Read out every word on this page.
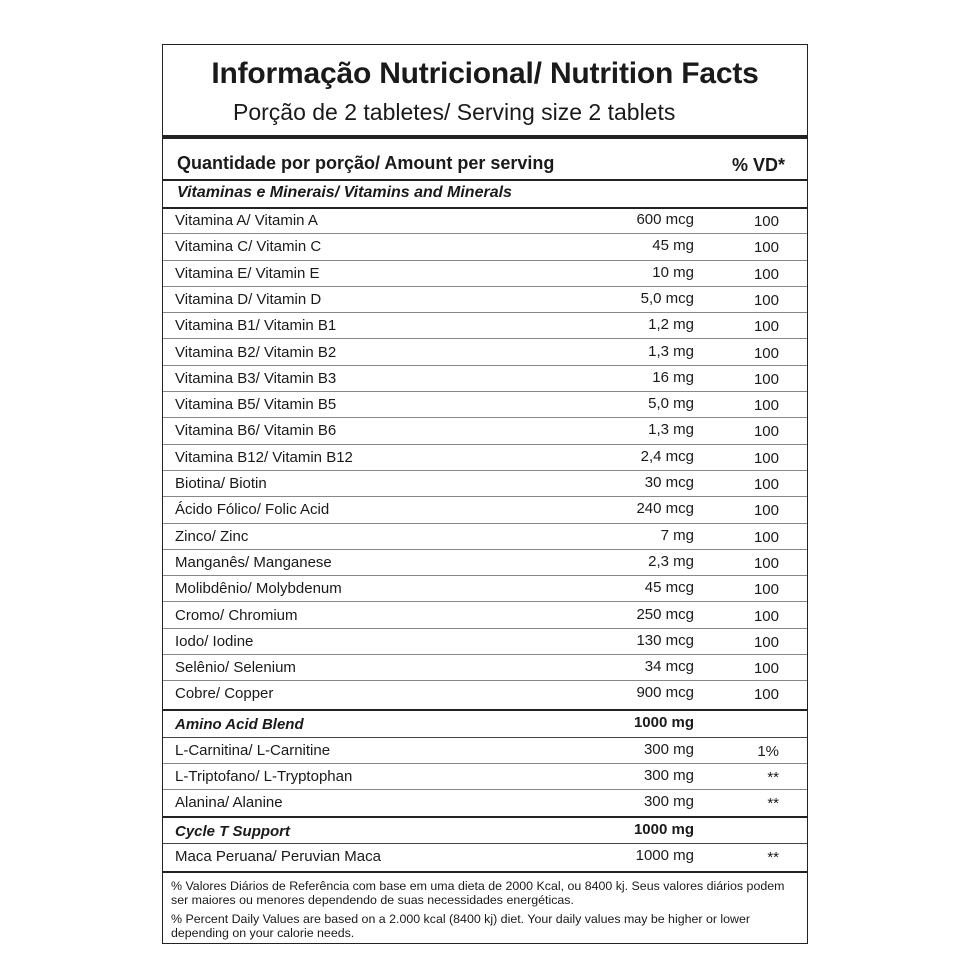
Informação Nutricional/ Nutrition Facts
Porção de 2 tabletes/ Serving size 2 tablets
Quantidade por porção/ Amount per serving	% VD*
Vitaminas e Minerais/ Vitamins and Minerals
Vitamina A/ Vitamin A	600 mcg	100
Vitamina C/ Vitamin C	45 mg	100
Vitamina E/ Vitamin E	10 mg	100
Vitamina D/ Vitamin D	5,0 mcg	100
Vitamina B1/ Vitamin B1	1,2 mg	100
Vitamina B2/ Vitamin B2	1,3 mg	100
Vitamina B3/ Vitamin B3	16 mg	100
Vitamina B5/ Vitamin B5	5,0 mg	100
Vitamina B6/ Vitamin B6	1,3 mg	100
Vitamina B12/ Vitamin B12	2,4 mcg	100
Biotina/ Biotin	30 mcg	100
Ácido Fólico/ Folic Acid	240 mcg	100
Zinco/ Zinc	7 mg	100
Manganês/ Manganese	2,3 mg	100
Molibdênio/ Molybdenum	45 mcg	100
Cromo/ Chromium	250 mcg	100
Iodo/ Iodine	130 mcg	100
Selênio/ Selenium	34 mcg	100
Cobre/ Copper	900 mcg	100
Amino Acid Blend	1000 mg
L-Carnitina/ L-Carnitine	300 mg	1%
L-Triptofano/ L-Tryptophan	300 mg	**
Alanina/ Alanine	300 mg	**
Cycle T Support	1000 mg
Maca Peruana/ Peruvian Maca	1000 mg	**
% Valores Diários de Referência com base em uma dieta de 2000 Kcal, ou 8400 kj. Seus valores diários podem ser maiores ou menores dependendo de suas necessidades energéticas.
% Percent Daily Values are based on a 2.000 kcal (8400 kj) diet. Your daily values may be higher or lower depending on your calorie needs.
